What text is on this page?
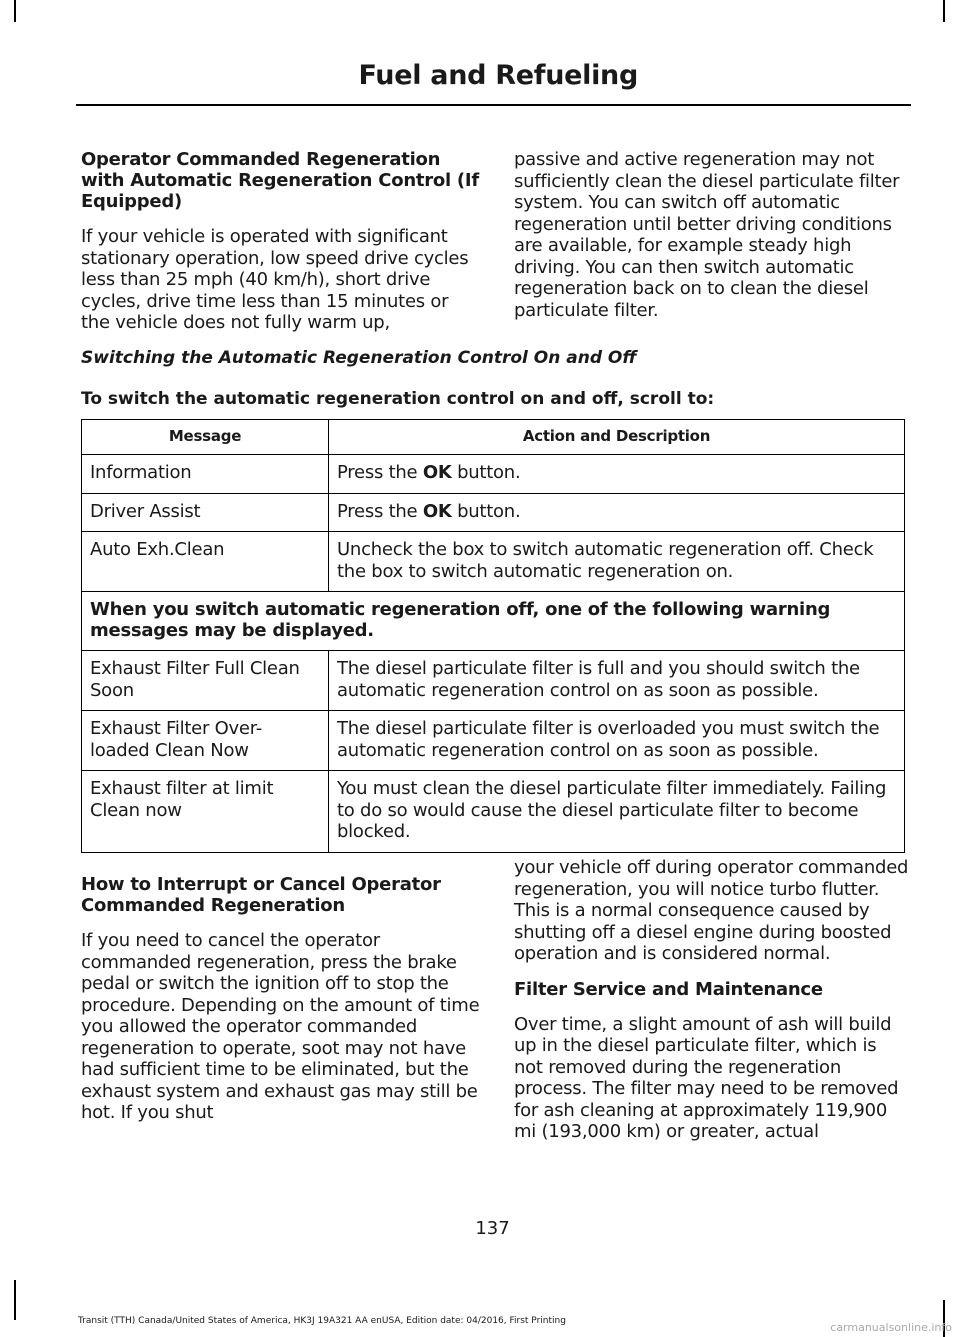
Fuel and Refueling
Operator Commanded Regeneration with Automatic Regeneration Control (If Equipped)

If your vehicle is operated with significant stationary operation, low speed drive cycles less than 25 mph (40 km/h), short drive cycles, drive time less than 15 minutes or the vehicle does not fully warm up,

passive and active regeneration may not sufficiently clean the diesel particulate filter system. You can switch off automatic regeneration until better driving conditions are available, for example steady high driving. You can then switch automatic regeneration back on to clean the diesel particulate filter.

Switching the Automatic Regeneration Control On and Off
To switch the automatic regeneration control on and off, scroll to:
Message	Action and Description
Information	Press the OK button.
Driver Assist	Press the OK button.
Auto Exh.Clean	Uncheck the box to switch automatic regeneration off. Check the box to switch automatic regeneration on.
When you switch automatic regeneration off, one of the following warning messages may be displayed.	
Exhaust Filter Full Clean Soon	The diesel particulate filter is full and you should switch the automatic regeneration control on as soon as possible.
Exhaust Filter Over-loaded Clean Now	The diesel particulate filter is overloaded you must switch the automatic regeneration control on as soon as possible.
Exhaust filter at limit Clean now	You must clean the diesel particulate filter immediately. Failing to do so would cause the diesel particulate filter to become blocked.
How to Interrupt or Cancel Operator Commanded Regeneration

If you need to cancel the operator commanded regeneration, press the brake pedal or switch the ignition off to stop the procedure. Depending on the amount of time you allowed the operator commanded regeneration to operate, soot may not have had sufficient time to be eliminated, but the exhaust system and exhaust gas may still be hot. If you shut

your vehicle off during operator commanded regeneration, you will notice turbo flutter. This is a normal consequence caused by shutting off a diesel engine during boosted operation and is considered normal.

Filter Service and Maintenance

Over time, a slight amount of ash will build up in the diesel particulate filter, which is not removed during the regeneration process. The filter may need to be removed for ash cleaning at approximately 119,900 mi (193,000 km) or greater, actual

137
Transit (TTH) Canada/United States of America, HK3J 19A321 AA enUSA, Edition date: 04/2016, First Printing	carmanualsonline.info
